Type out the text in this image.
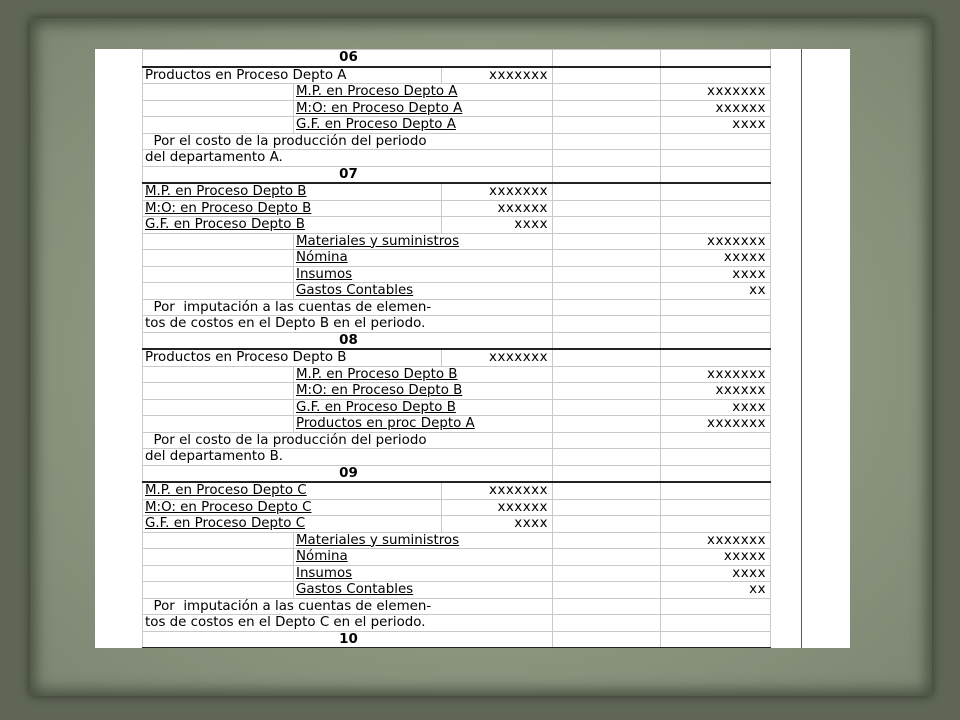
06				
Productos en Proceso Depto A		xxxxxxx		
	M.P. en Proceso Depto A			xxxxxxx
	M:O: en Proceso Depto A			xxxxxx
	G.F. en Proceso Depto A			xxxx
Por el costo de la producción del periodo				
del departamento A.				
07				
M.P. en Proceso Depto B		xxxxxxx		
M:O: en Proceso Depto B		xxxxxx		
G.F. en Proceso Depto B		xxxx		
	Materiales y suministros			xxxxxxx
	Nómina			xxxxx
	Insumos			xxxx
	Gastos Contables			xx
Por  imputación a las cuentas de elemen-				
tos de costos en el Depto B en el periodo.				
08				
Productos en Proceso Depto B		xxxxxxx		
	M.P. en Proceso Depto B			xxxxxxx
	M:O: en Proceso Depto B			xxxxxx
	G.F. en Proceso Depto B			xxxx
	Productos en proc Depto A			xxxxxxx
Por el costo de la producción del periodo				
del departamento B.				
09				
M.P. en Proceso Depto C		xxxxxxx		
M:O: en Proceso Depto C		xxxxxx		
G.F. en Proceso Depto C		xxxx		
	Materiales y suministros			xxxxxxx
	Nómina			xxxxx
	Insumos			xxxx
	Gastos Contables			xx
Por  imputación a las cuentas de elemen-				
tos de costos en el Depto C en el periodo.				
10				
